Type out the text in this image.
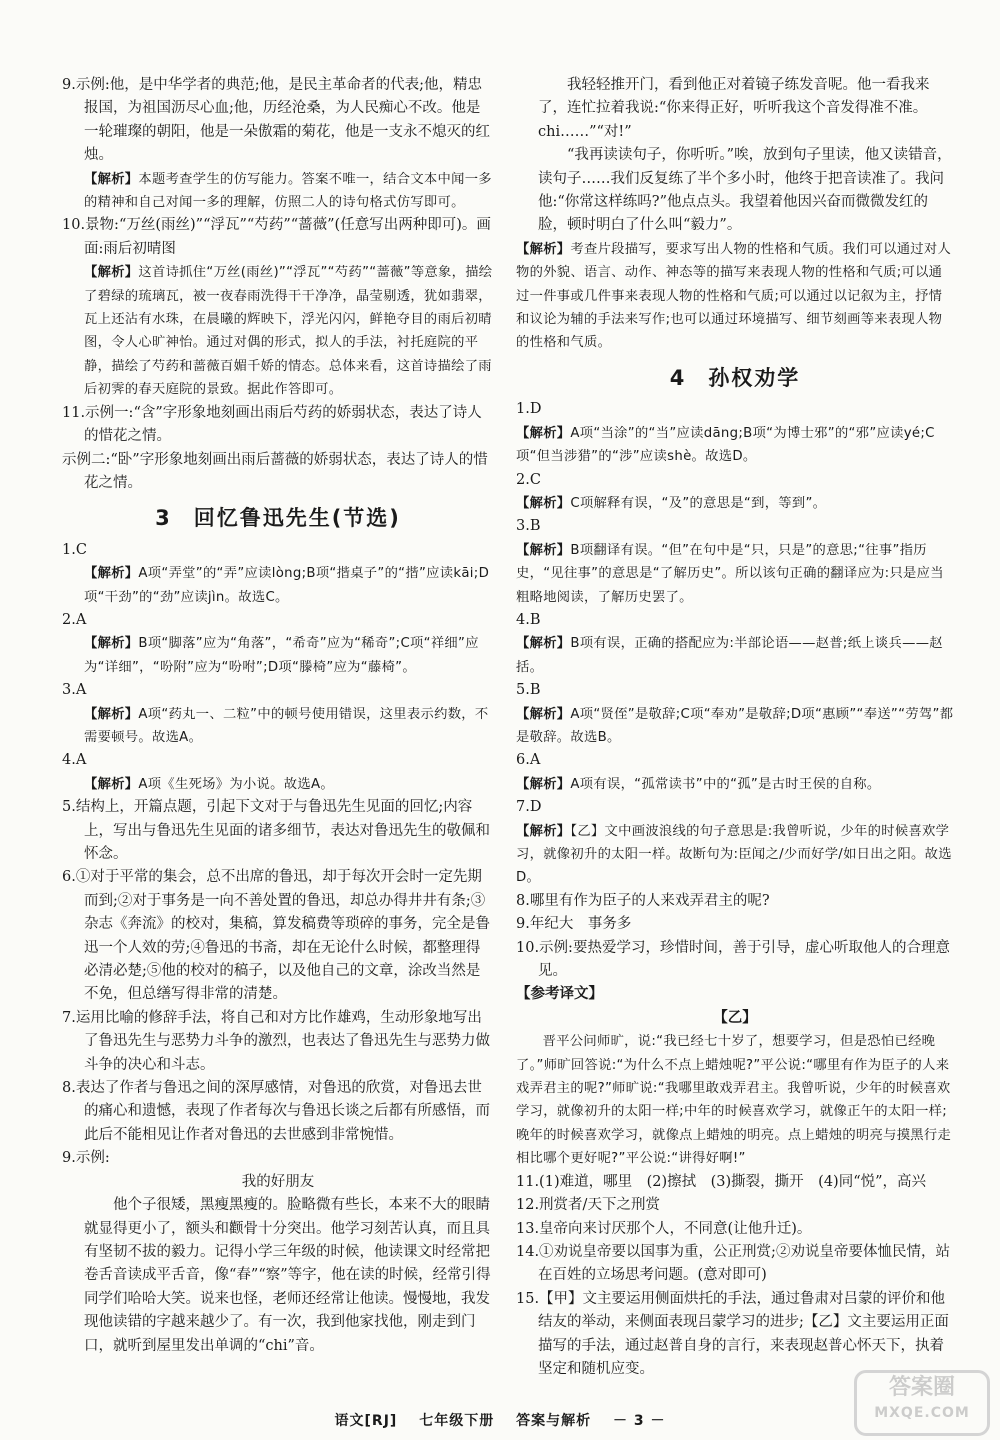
9.示例:他，是中华学者的典范;他，是民主革命者的代表;他，精忠报国，为祖国沥尽心血;他，历经沧桑，为人民痴心不改。他是一轮璀璨的朝阳，他是一朵傲霜的菊花，他是一支永不熄灭的红烛。

【解析】本题考查学生的仿写能力。答案不唯一，结合文本中闻一多的精神和自己对闻一多的理解，仿照二人的诗句格式仿写即可。

10.景物:“万丝(雨丝)”“浮瓦”“芍药”“蔷薇”(任意写出两种即可)。画面:雨后初晴图

【解析】这首诗抓住“万丝(雨丝)”“浮瓦”“芍药”“蔷薇”等意象，描绘了碧绿的琉璃瓦，被一夜春雨洗得干干净净，晶莹剔透，犹如翡翠，瓦上还沾有水珠，在晨曦的辉映下，浮光闪闪，鲜艳夺目的雨后初晴图，令人心旷神怡。通过对偶的形式，拟人的手法，衬托庭院的平静，描绘了芍药和蔷薇百媚千娇的情态。总体来看，这首诗描绘了雨后初霁的春天庭院的景致。据此作答即可。

11.示例一:“含”字形象地刻画出雨后芍药的娇弱状态，表达了诗人的惜花之情。

示例二:“卧”字形象地刻画出雨后蔷薇的娇弱状态，表达了诗人的惜花之情。

3 回忆鲁迅先生(节选)

1.C

【解析】A项“弄堂”的“弄”应读lòng;B项“揩桌子”的“揩”应读kāi;D项“干劲”的“劲”应读jìn。故选C。

2.A

【解析】B项“脚落”应为“角落”，“希奇”应为“稀奇”;C项“祥细”应为“详细”，“吩附”应为“吩咐”;D项“滕椅”应为“藤椅”。

3.A

【解析】A项“药丸一、二粒”中的顿号使用错误，这里表示约数，不需要顿号。故选A。

4.A

【解析】A项《生死场》为小说。故选A。

5.结构上，开篇点题，引起下文对于与鲁迅先生见面的回忆;内容上，写出与鲁迅先生见面的诸多细节，表达对鲁迅先生的敬佩和怀念。

6.①对于平常的集会，总不出席的鲁迅，却于每次开会时一定先期而到;②对于事务是一向不善处置的鲁迅，却总办得井井有条;③杂志《奔流》的校对，集稿，算发稿费等琐碎的事务，完全是鲁迅一个人效的劳;④鲁迅的书斋，却在无论什么时候，都整理得必清必楚;⑤他的校对的稿子，以及他自己的文章，涂改当然是不免，但总缮写得非常的清楚。

7.运用比喻的修辞手法，将自己和对方比作雄鸡，生动形象地写出了鲁迅先生与恶势力斗争的激烈，也表达了鲁迅先生与恶势力做斗争的决心和斗志。

8.表达了作者与鲁迅之间的深厚感情，对鲁迅的欣赏，对鲁迅去世的痛心和遗憾，表现了作者每次与鲁迅长谈之后都有所感悟，而此后不能相见让作者对鲁迅的去世感到非常惋惜。

9.示例:

我的好朋友

他个子很矮，黑瘦黑瘦的。脸略微有些长，本来不大的眼睛就显得更小了，额头和颧骨十分突出。他学习刻苦认真，而且具有坚韧不拔的毅力。记得小学三年级的时候，他读课文时经常把卷舌音读成平舌音，像“春”“察”等字，他在读的时候，经常引得同学们哈哈大笑。说来也怪，老师还经常让他读。慢慢地，我发现他读错的字越来越少了。有一次，我到他家找他，刚走到门口，就听到屋里发出单调的“chi”音。

我轻轻推开门，看到他正对着镜子练发音呢。他一看我来了，连忙拉着我说:“你来得正好，听听我这个音发得准不准。chi……”“对!”

“我再读读句子，你听听。”唉，放到句子里读，他又读错音，读句子……我们反复练了半个多小时，他终于把音读准了。我问他:“你常这样练吗?”他点点头。我望着他因兴奋而微微发红的脸，顿时明白了什么叫“毅力”。

【解析】考查片段描写，要求写出人物的性格和气质。我们可以通过对人物的外貌、语言、动作、神态等的描写来表现人物的性格和气质;可以通过一件事或几件事来表现人物的性格和气质;可以通过以记叙为主，抒情和议论为辅的手法来写作;也可以通过环境描写、细节刻画等来表现人物的性格和气质。

4 孙权劝学

1.D

【解析】A项“当涂”的“当”应读dāng;B项“为博士邪”的“邪”应读yé;C项“但当涉猎”的“涉”应读shè。故选D。

2.C

【解析】C项解释有误，“及”的意思是“到，等到”。

3.B

【解析】B项翻译有误。“但”在句中是“只，只是”的意思;“往事”指历史，“见往事”的意思是“了解历史”。所以该句正确的翻译应为:只是应当粗略地阅读，了解历史罢了。

4.B

【解析】B项有误，正确的搭配应为:半部论语——赵普;纸上谈兵——赵括。

5.B

【解析】A项“贤侄”是敬辞;C项“奉劝”是敬辞;D项“惠顾”“奉送”“劳驾”都是敬辞。故选B。

6.A

【解析】A项有误，“孤常读书”中的“孤”是古时王侯的自称。

7.D

【解析】【乙】文中画波浪线的句子意思是:我曾听说，少年的时候喜欢学习，就像初升的太阳一样。故断句为:臣闻之/少而好学/如日出之阳。故选D。

8.哪里有作为臣子的人来戏弄君主的呢?

9.年纪大　事务多

10.示例:要热爱学习，珍惜时间，善于引导，虚心听取他人的合理意见。

【参考译文】

【乙】

晋平公问师旷，说:“我已经七十岁了，想要学习，但是恐怕已经晚了。”师旷回答说:“为什么不点上蜡烛呢?”平公说:“哪里有作为臣子的人来戏弄君主的呢?”师旷说:“我哪里敢戏弄君主。我曾听说，少年的时候喜欢学习，就像初升的太阳一样;中年的时候喜欢学习，就像正午的太阳一样;晚年的时候喜欢学习，就像点上蜡烛的明亮。点上蜡烛的明亮与摸黑行走相比哪个更好呢?”平公说:“讲得好啊!”

11.(1)难道，哪里　(2)擦拭　(3)撕裂，撕开　(4)同“悦”，高兴

12.刑赏者/天下之刑赏

13.皇帝向来讨厌那个人，不同意(让他升迁)。

14.①劝说皇帝要以国事为重，公正刑赏;②劝说皇帝要体恤民情，站在百姓的立场思考问题。(意对即可)

15.【甲】文主要运用侧面烘托的手法，通过鲁肃对吕蒙的评价和他结友的举动，来侧面表现吕蒙学习的进步;【乙】文主要运用正面描写的手法，通过赵普自身的言行，来表现赵普心怀天下，执着坚定和随机应变。

语文[RJ] 七年级下册 答案与解析 － 3 －
答案圈
MXQE.COM
